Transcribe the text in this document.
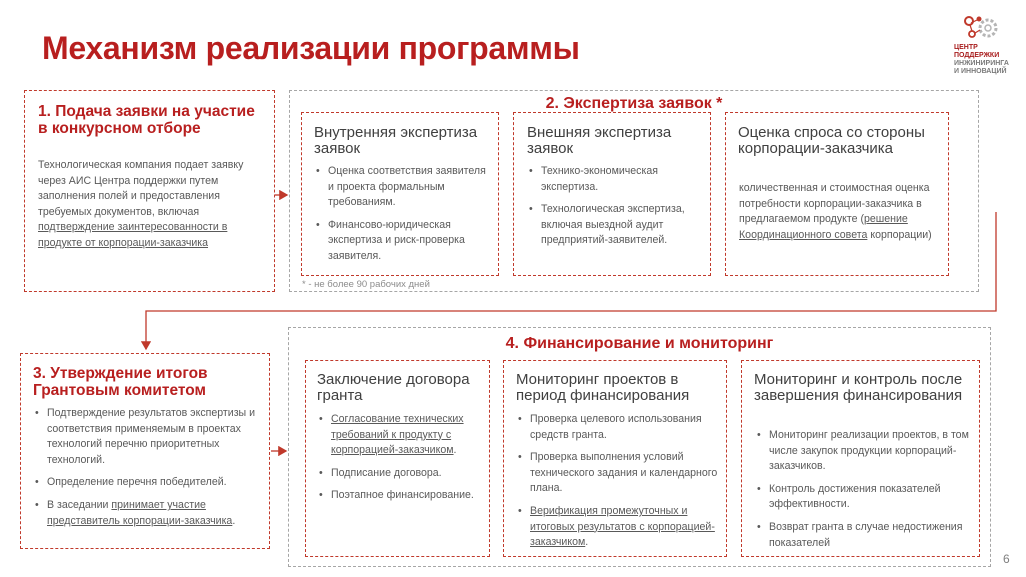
Механизм реализации программы	ЦЕНТР
ПОДДЕРЖКИ
ИНЖИНИРИНГА
И ИННОВАЦИЙ
1. Подача заявки на участие в конкурсном отборе
Технологическая компания подает заявку через АИС Центра поддержки путем заполнения полей и предоставления требуемых документов, включая подтверждение заинтересованности в продукте от корпорации-заказчика
2. Экспертиза заявок *
Внутренняя экспертиза заявок
• Оценка соответствия заявителя и проекта формальным требованиям.
• Финансово-юридическая экспертиза и риск-проверка заявителя.
Внешняя экспертиза заявок
• Технико-экономическая экспертиза.
• Технологическая экспертиза, включая выездной аудит предприятий-заявителей.
Оценка спроса со стороны корпорации-заказчика
количественная и стоимостная оценка потребности корпорации-заказчика в предлагаемом продукте (решение Координационного совета корпорации)
* - не более 90 рабочих дней
3. Утверждение итогов Грантовым комитетом
• Подтверждение результатов экспертизы и соответствия применяемым в проектах технологий перечню приоритетных технологий.
• Определение перечня победителей.
• В заседании принимает участие представитель корпорации-заказчика.
4. Финансирование и мониторинг
Заключение договора гранта
• Согласование технических требований к продукту с корпорацией-заказчиком.
• Подписание договора.
• Поэтапное финансирование.
Мониторинг проектов в период финансирования
• Проверка целевого использования средств гранта.
• Проверка выполнения условий технического задания и календарного плана.
• Верификация промежуточных и итоговых результатов с корпорацией-заказчиком.
Мониторинг и контроль после завершения финансирования
• Мониторинг реализации проектов, в том числе закупок продукции корпораций-заказчиков.
• Контроль достижения показателей эффективности.
• Возврат гранта в случае недостижения показателей
6
